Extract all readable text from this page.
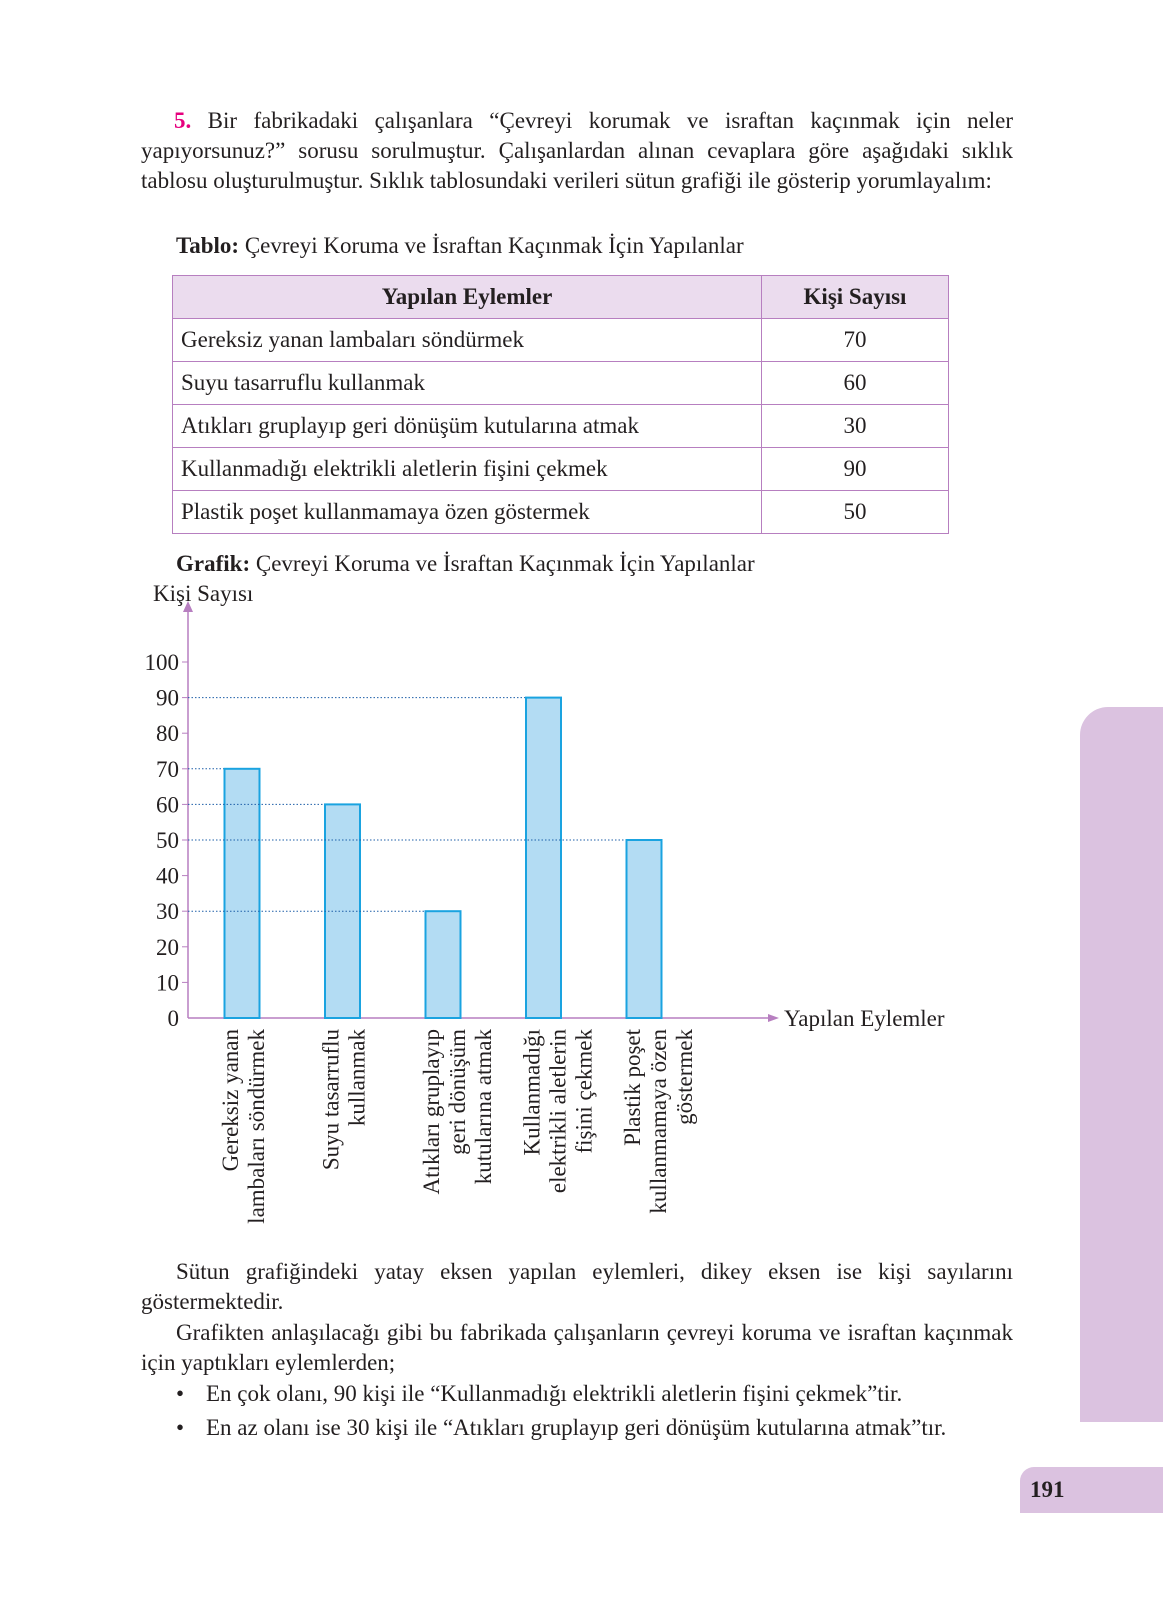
5. Bir fabrikadaki çalışanlara “Çevreyi korumak ve israftan kaçınmak için neler yapıyorsunuz?” sorusu sorulmuştur. Çalışanlardan alınan cevaplara göre aşağıdaki sıklık tablosu oluşturulmuştur. Sıklık tablosundaki verileri sütun grafiği ile gösterip yorumlayalım:

Tablo: Çevreyi Koruma ve İsraftan Kaçınmak İçin Yapılanlar
Yapılan Eylemler	Kişi Sayısı
Gereksiz yanan lambaları söndürmek	70
Suyu tasarruflu kullanmak	60
Atıkları gruplayıp geri dönüşüm kutularına atmak	30
Kullanmadığı elektrikli aletlerin fişini çekmek	90
Plastik poşet kullanmamaya özen göstermek	50
Grafik: Çevreyi Koruma ve İsraftan Kaçınmak İçin Yapılanlar
Kişi Sayısı
Yapılan Eylemler
0
10
20
30
40
50
60
70
80
90
100
Gereksiz yanan lambaları söndürmek Suyu tasarruflu kullanmak Atıkları gruplayıp geri dönüşüm kutularına atmak Kullanmadığı elektrikli aletlerin fişini çekmek Plastik poşet kullanmamaya özen göstermek

Sütun grafiğindeki yatay eksen yapılan eylemleri, dikey eksen ise kişi sayılarını göstermektedir.

Grafikten anlaşılacağı gibi bu fabrikada çalışanların çevreyi koruma ve israftan kaçınmak için yaptıkları eylemlerden;

• En çok olanı, 90 kişi ile “Kullanmadığı elektrikli aletlerin fişini çekmek”tir.
• En az olanı ise 30 kişi ile “Atıkları gruplayıp geri dönüşüm kutularına atmak”tır.
191
